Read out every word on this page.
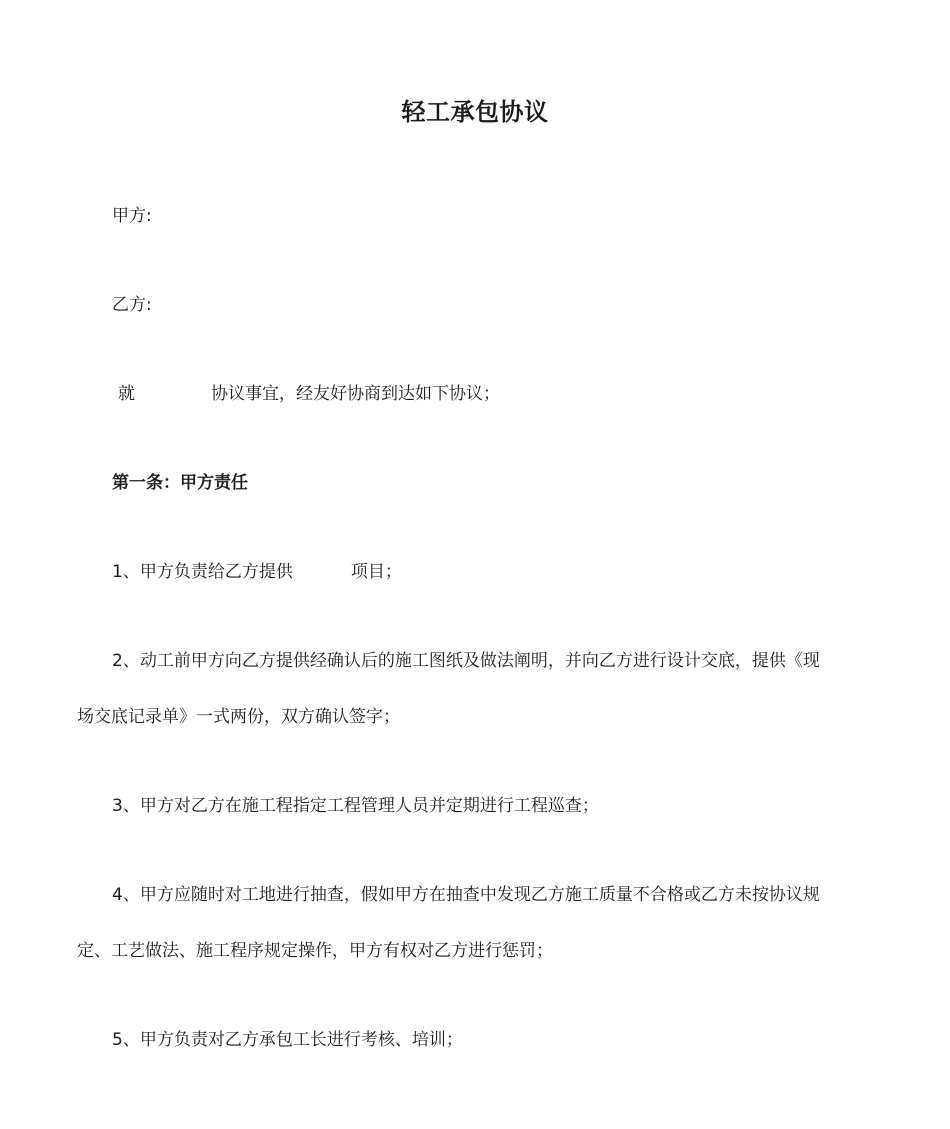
轻工承包协议
甲方:
乙方:
就	协议事宜，经友好协商到达如下协议；
第一条：甲方责任
1、甲方负责给乙方提供	项目；
2、动工前甲方向乙方提供经确认后的施工图纸及做法阐明，并向乙方进行设计交底，提供《现
场交底记录单》一式两份，双方确认签字；
3、甲方对乙方在施工程指定工程管理人员并定期进行工程巡查；
4、甲方应随时对工地进行抽查，假如甲方在抽查中发现乙方施工质量不合格或乙方未按协议规
定、工艺做法、施工程序规定操作，甲方有权对乙方进行惩罚；
5、甲方负责对乙方承包工长进行考核、培训；
